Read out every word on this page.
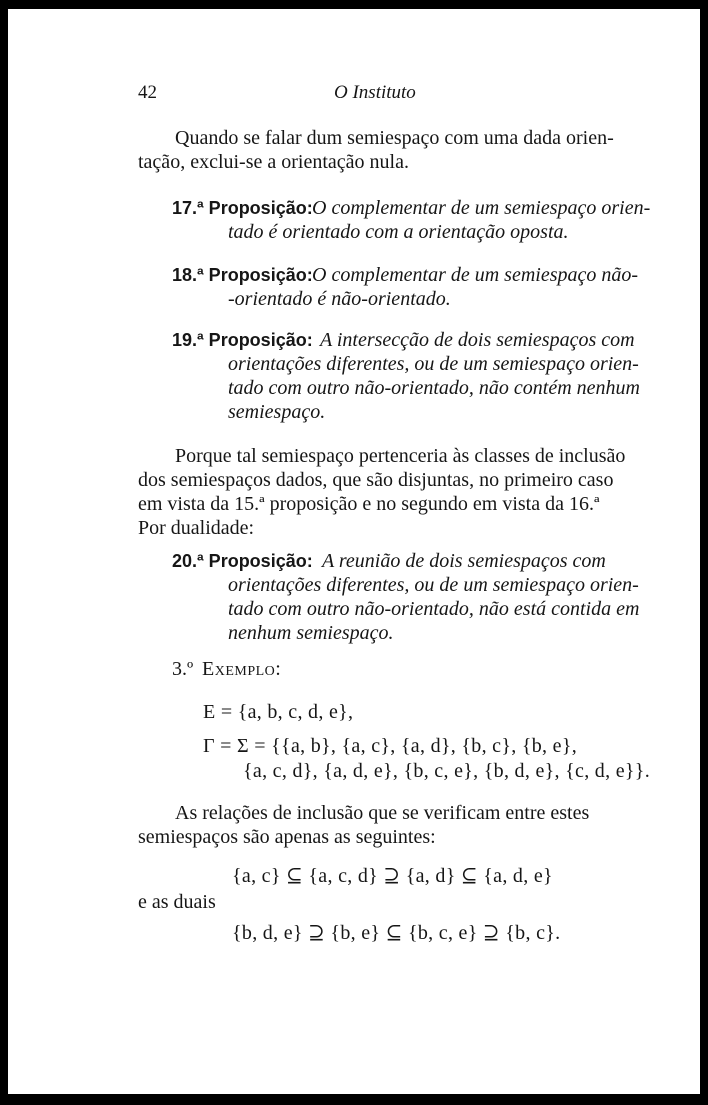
42	O Instituto
Quando se falar dum semiespaço com uma dada orien-
tação, exclui-se a orientação nula.
17.ª Proposição: O complementar de um semiespaço orien-
tado é orientado com a orientação oposta.
18.ª Proposição: O complementar de um semiespaço não-
-orientado é não-orientado.
19.ª Proposição: A intersecção de dois semiespaços com
orientações diferentes, ou de um semiespaço orien-
tado com outro não-orientado, não contém nenhum
semiespaço.
Porque tal semiespaço pertenceria às classes de inclusão
dos semiespaços dados, que são disjuntas, no primeiro caso
em vista da 15.ª proposição e no segundo em vista da 16.ª
Por dualidade:
20.ª Proposição: A reunião de dois semiespaços com
orientações diferentes, ou de um semiespaço orien-
tado com outro não-orientado, não está contida em
nenhum semiespaço.
3.º Exemplo:
E = {a, b, c, d, e},
Γ = Σ = {{a, b}, {a, c}, {a, d}, {b, c}, {b, e},
{a, c, d}, {a, d, e}, {b, c, e}, {b, d, e}, {c, d, e}}.
As relações de inclusão que se verificam entre estes
semiespaços são apenas as seguintes:
{a, c} ⊆ {a, c, d} ⊇ {a, d} ⊆ {a, d, e}
e as duais
{b, d, e} ⊇ {b, e} ⊆ {b, c, e} ⊇ {b, c}.
